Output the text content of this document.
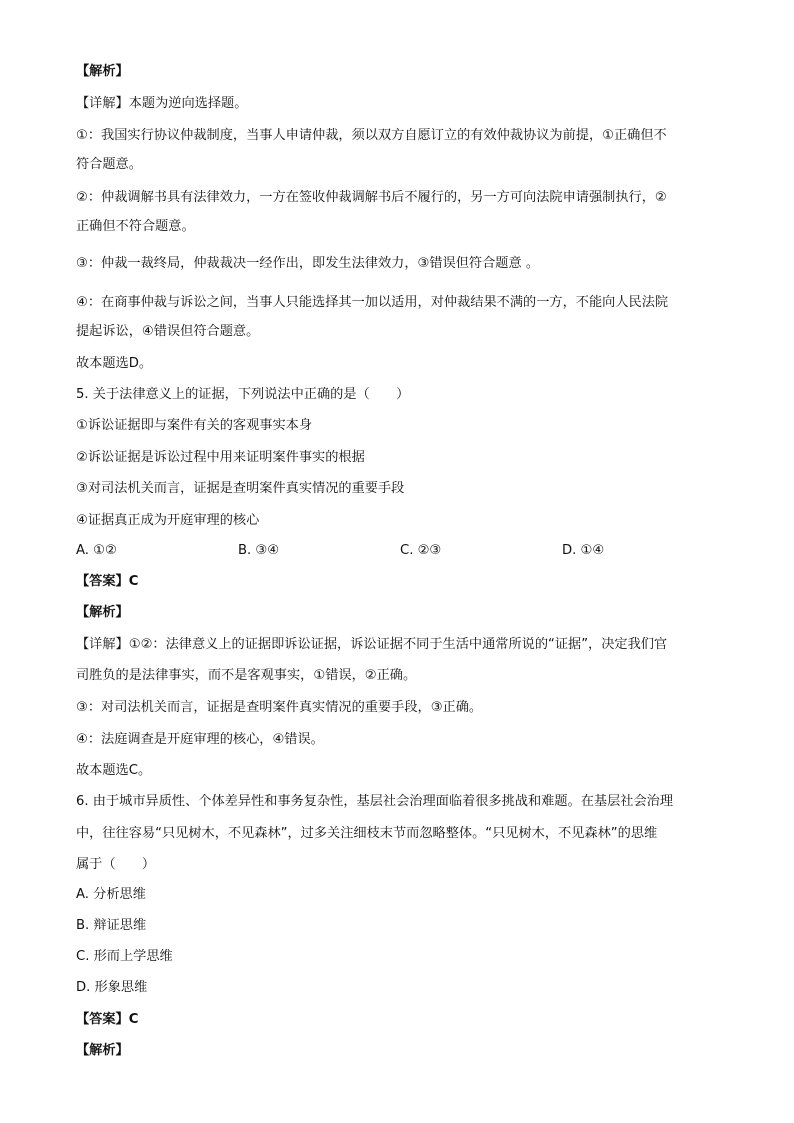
【解析】
【详解】本题为逆向选择题。
①：我国实行协议仲裁制度，当事人申请仲裁，须以双方自愿订立的有效仲裁协议为前提，①正确但不
符合题意。
②：仲裁调解书具有法律效力，一方在签收仲裁调解书后不履行的，另一方可向法院申请强制执行，②
正确但不符合题意。
③：仲裁一裁终局，仲裁裁决一经作出，即发生法律效力，③错误但符合题意 。
④：在商事仲裁与诉讼之间，当事人只能选择其一加以适用，对仲裁结果不满的一方，不能向人民法院
提起诉讼，④错误但符合题意。
故本题选D。
5. 关于法律意义上的证据，下列说法中正确的是（　　）
①诉讼证据即与案件有关的客观事实本身
②诉讼证据是诉讼过程中用来证明案件事实的根据
③对司法机关而言，证据是查明案件真实情况的重要手段
④证据真正成为开庭审理的核心
A. ①②	B. ③④	C. ②③	D. ①④
【答案】C
【解析】
【详解】①②：法律意义上的证据即诉讼证据，诉讼证据不同于生活中通常所说的“证据”，决定我们官
司胜负的是法律事实，而不是客观事实，①错误，②正确。
③：对司法机关而言，证据是查明案件真实情况的重要手段，③正确。
④：法庭调查是开庭审理的核心，④错误。
故本题选C。
6. 由于城市异质性、个体差异性和事务复杂性，基层社会治理面临着很多挑战和难题。在基层社会治理
中，往往容易“只见树木，不见森林”，过多关注细枝末节而忽略整体。“只见树木，不见森林”的思维
属于（　　）
A. 分析思维
B. 辩证思维
C. 形而上学思维
D. 形象思维
【答案】C
【解析】
